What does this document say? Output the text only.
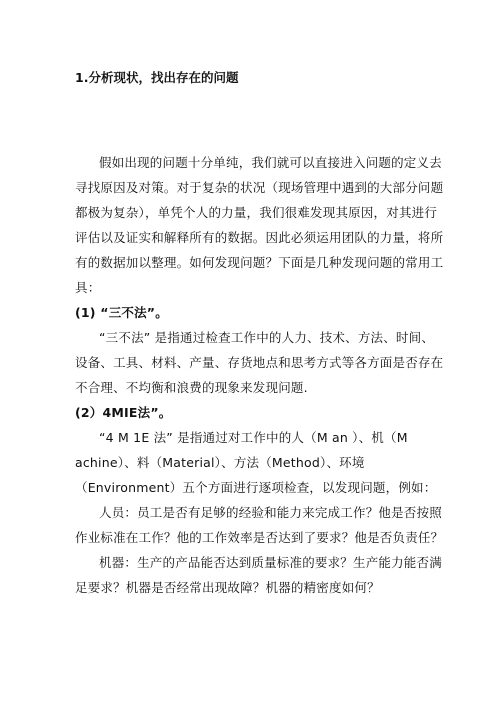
1.分析现状，找出存在的问题
假如出现的问题十分单纯，我们就可以直接进入问题的定义去
寻找原因及对策。对于复杂的状况（现场管理中遇到的大部分问题
都极为复杂），单凭个人的力量，我们很难发现其原因，对其进行
评估以及证实和解释所有的数据。因此必须运用团队的力量，将所
有的数据加以整理。如何发现问题？下面是几种发现问题的常用工
具：
(1) “三不法”。
“三不法” 是指通过检查工作中的人力、技术、方法、时间、
设备、工具、材料、产量、存货地点和思考方式等各方面是否存在
不合理、不均衡和浪费的现象来发现问题.
(2）4MIE法”。
“4 M 1E 法” 是指通过对工作中的人（M an ）、机（M
achine）、料（Material）、方法（Method）、环境
（Environment）五个方面进行逐项检查，以发现问题，例如：
人员：员工是否有足够的经验和能力来完成工作？他是否按照
作业标准在工作？他的工作效率是否达到了要求？他是否负责任？
机器：生产的产品能否达到质量标准的要求？生产能力能否满
足要求？机器是否经常出现故障？机器的精密度如何？
